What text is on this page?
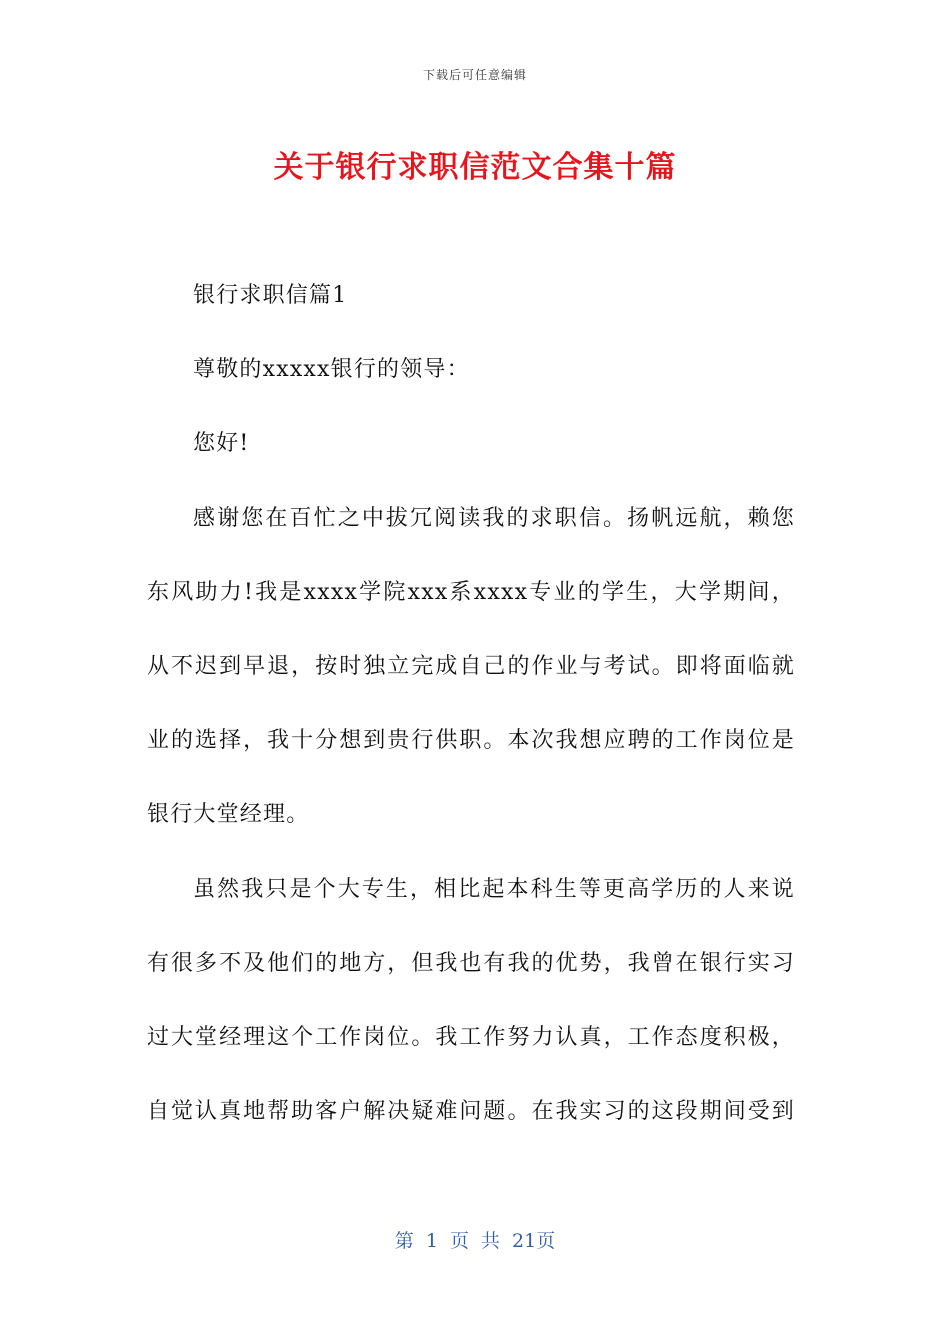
下载后可任意编辑
关于银行求职信范文合集十篇
银行求职信篇1
尊敬的xxxxx银行的领导：
您好!
感谢您在百忙之中拔冗阅读我的求职信。扬帆远航，赖您
东风助力!我是xxxx学院xxx系xxxx专业的学生，大学期间，
从不迟到早退，按时独立完成自己的作业与考试。即将面临就
业的选择，我十分想到贵行供职。本次我想应聘的工作岗位是
银行大堂经理。
虽然我只是个大专生，相比起本科生等更高学历的人来说
有很多不及他们的地方，但我也有我的优势，我曾在银行实习
过大堂经理这个工作岗位。我工作努力认真，工作态度积极，
自觉认真地帮助客户解决疑难问题。在我实习的这段期间受到
第 1 页 共 21页
